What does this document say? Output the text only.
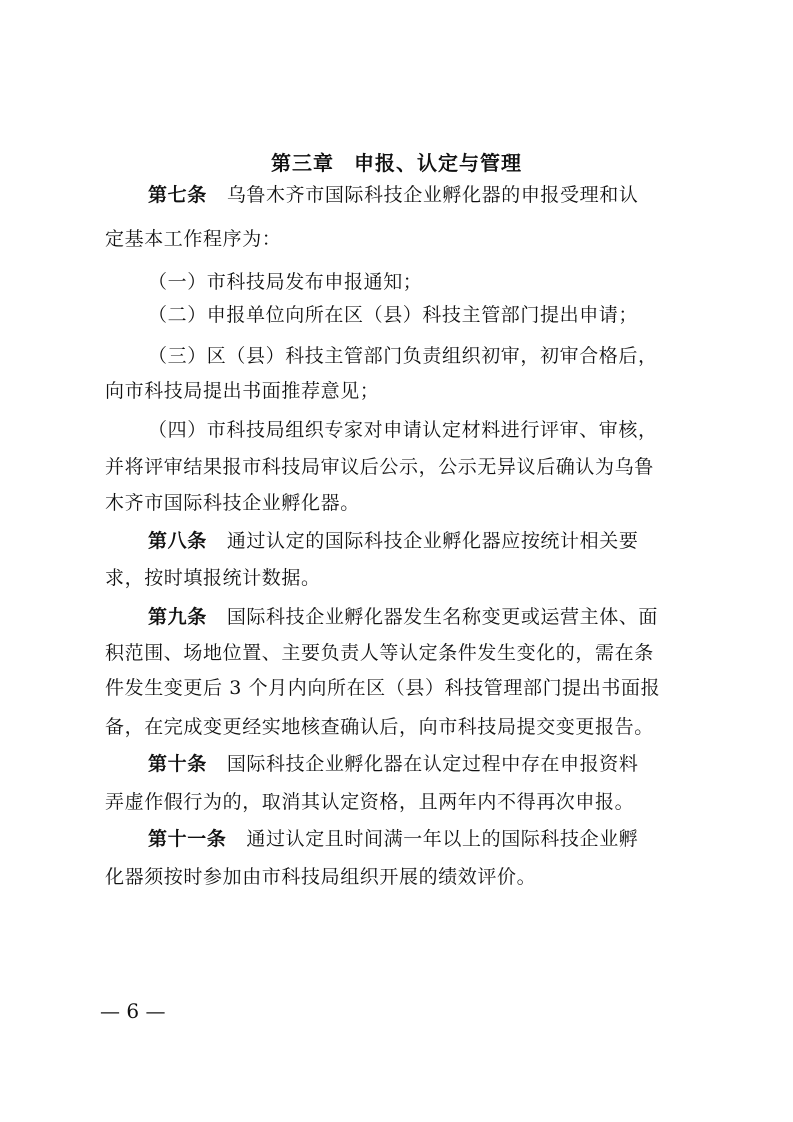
第三章 申报、认定与管理
第七条 乌鲁木齐市国际科技企业孵化器的申报受理和认
定基本工作程序为：
（一）市科技局发布申报通知；
（二）申报单位向所在区（县）科技主管部门提出申请；
（三）区（县）科技主管部门负责组织初审，初审合格后，
向市科技局提出书面推荐意见；
（四）市科技局组织专家对申请认定材料进行评审、审核，
并将评审结果报市科技局审议后公示，公示无异议后确认为乌鲁
木齐市国际科技企业孵化器。
第八条 通过认定的国际科技企业孵化器应按统计相关要
求，按时填报统计数据。
第九条 国际科技企业孵化器发生名称变更或运营主体、面
积范围、场地位置、主要负责人等认定条件发生变化的，需在条
件发生变更后 3 个月内向所在区（县）科技管理部门提出书面报
备，在完成变更经实地核查确认后，向市科技局提交变更报告。
第十条 国际科技企业孵化器在认定过程中存在申报资料
弄虚作假行为的，取消其认定资格，且两年内不得再次申报。
第十一条 通过认定且时间满一年以上的国际科技企业孵
化器须按时参加由市科技局组织开展的绩效评价。
— 6 —
